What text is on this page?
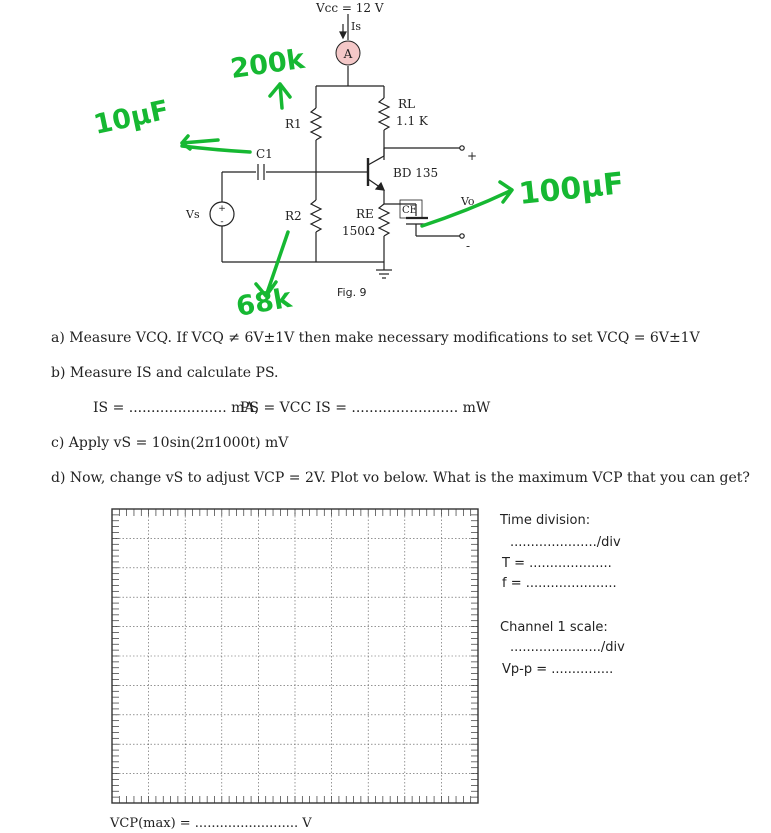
A
+
-
Vcc = 12 V
Is
R1
RL
1.1 K
C1
BD 135
+
-
Vs	R2	RE
150Ω
CE
Vo
Fig. 9
200k
10µF
68k
100µF
a) Measure VCQ. If VCQ ≠ 6V±1V then make necessary modifications to set VCQ = 6V±1V
b) Measure IS and calculate PS.
IS = ...................... mA,
PS = VCC IS = ........................ mW
c) Apply vS = 10sin(2π1000t) mV
d) Now, change vS to adjust VCP = 2V. Plot vo below. What is the maximum VCP that you can get?
Time division:
...................../div
T = ....................
f = ......................
Channel 1 scale:
....................../div
Vp-p = ...............
VCP(max) = ......................... V
